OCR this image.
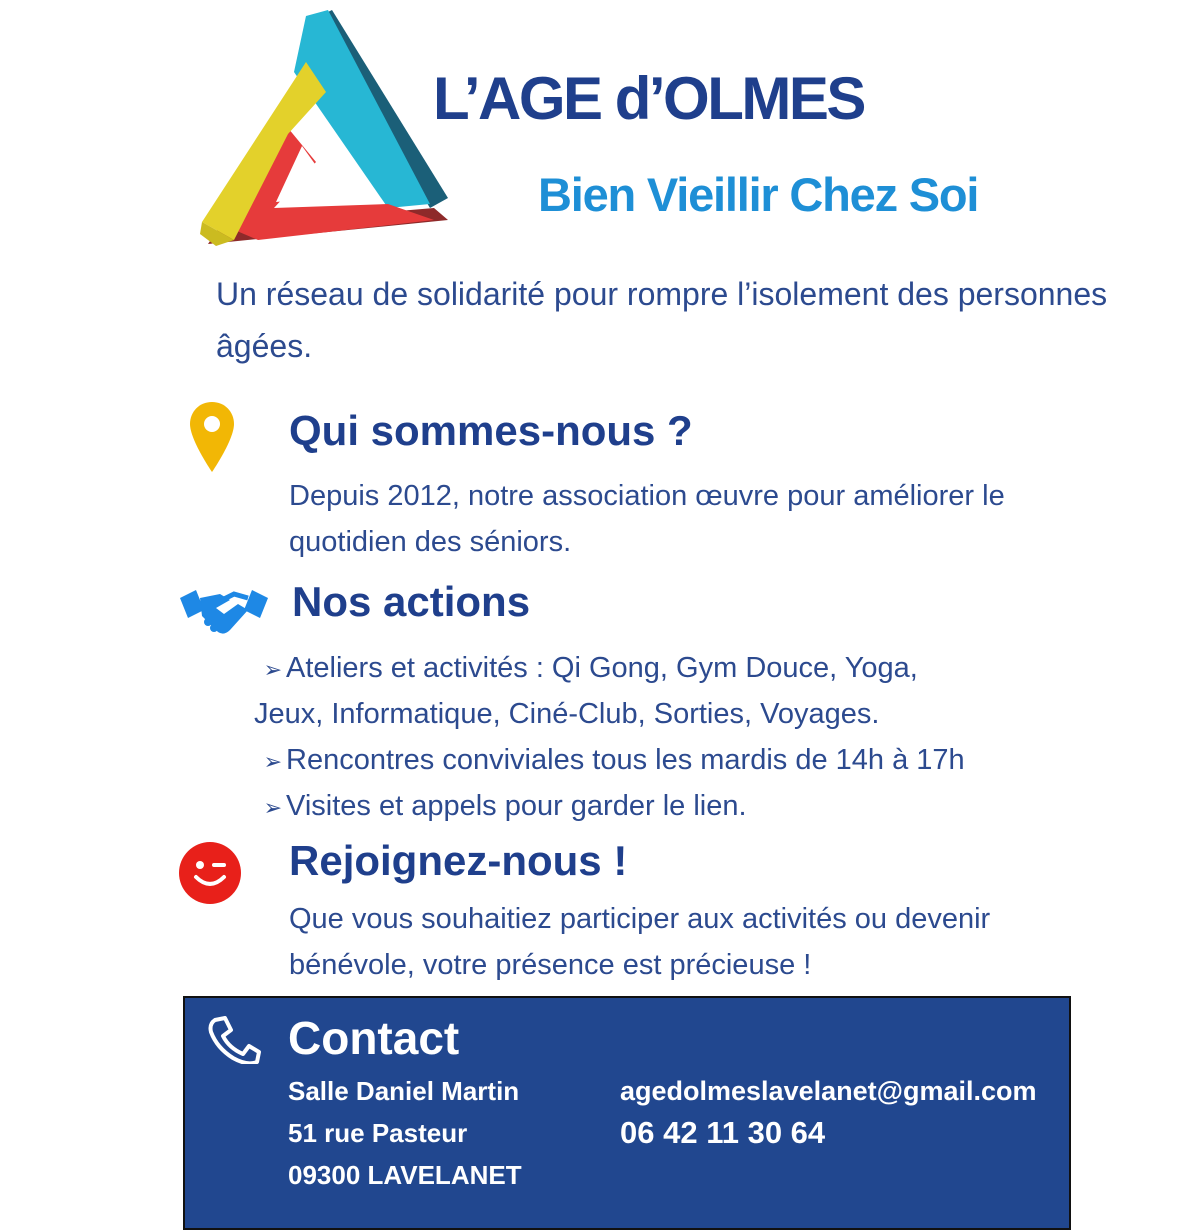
L’AGE d’OLMES
Bien Vieillir Chez Soi
Un réseau de solidarité pour rompre l’isolement des personnes âgées.
Qui sommes-nous ?
Depuis 2012, notre association œuvre pour améliorer le quotidien des séniors.
Nos actions
➢ Ateliers et activités : Qi Gong, Gym Douce, Yoga,
Jeux, Informatique, Ciné-Club, Sorties, Voyages.
➢ Rencontres conviviales tous les mardis de 14h à 17h
➢ Visites et appels pour garder le lien.
Rejoignez-nous !
Que vous souhaitiez participer aux activités ou devenir bénévole, votre présence est précieuse !
Contact
Salle Daniel Martin
51 rue Pasteur
09300 LAVELANET
agedolmeslavelanet@gmail.com
06 42 11 30 64
